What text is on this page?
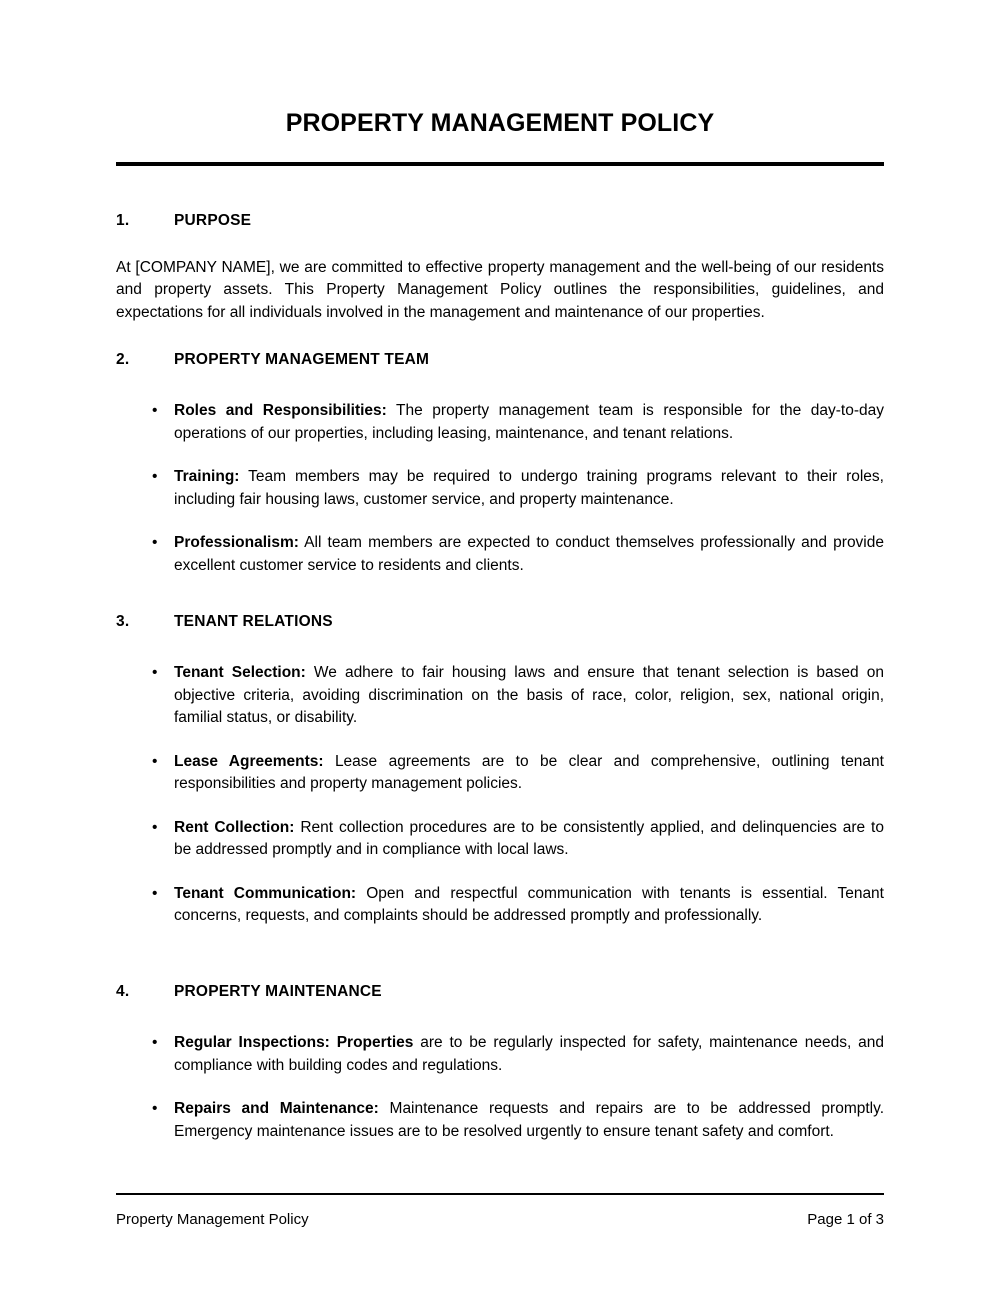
PROPERTY MANAGEMENT POLICY
1.	PURPOSE

At [COMPANY NAME], we are committed to effective property management and the well-being of our residents and property assets. This Property Management Policy outlines the responsibilities, guidelines, and expectations for all individuals involved in the management and maintenance of our properties.

2.	PROPERTY MANAGEMENT TEAM
• Roles and Responsibilities: The property management team is responsible for the day-to-day operations of our properties, including leasing, maintenance, and tenant relations.
• Training: Team members may be required to undergo training programs relevant to their roles, including fair housing laws, customer service, and property maintenance.
• Professionalism: All team members are expected to conduct themselves professionally and provide excellent customer service to residents and clients.
3.	TENANT RELATIONS
• Tenant Selection: We adhere to fair housing laws and ensure that tenant selection is based on objective criteria, avoiding discrimination on the basis of race, color, religion, sex, national origin, familial status, or disability.
• Lease Agreements: Lease agreements are to be clear and comprehensive, outlining tenant responsibilities and property management policies.
• Rent Collection: Rent collection procedures are to be consistently applied, and delinquencies are to be addressed promptly and in compliance with local laws.
• Tenant Communication: Open and respectful communication with tenants is essential. Tenant concerns, requests, and complaints should be addressed promptly and professionally.
4.	PROPERTY MAINTENANCE
• Regular Inspections: Properties are to be regularly inspected for safety, maintenance needs, and compliance with building codes and regulations.
• Repairs and Maintenance: Maintenance requests and repairs are to be addressed promptly. Emergency maintenance issues are to be resolved urgently to ensure tenant safety and comfort.
Property Management Policy	Page 1 of 3
